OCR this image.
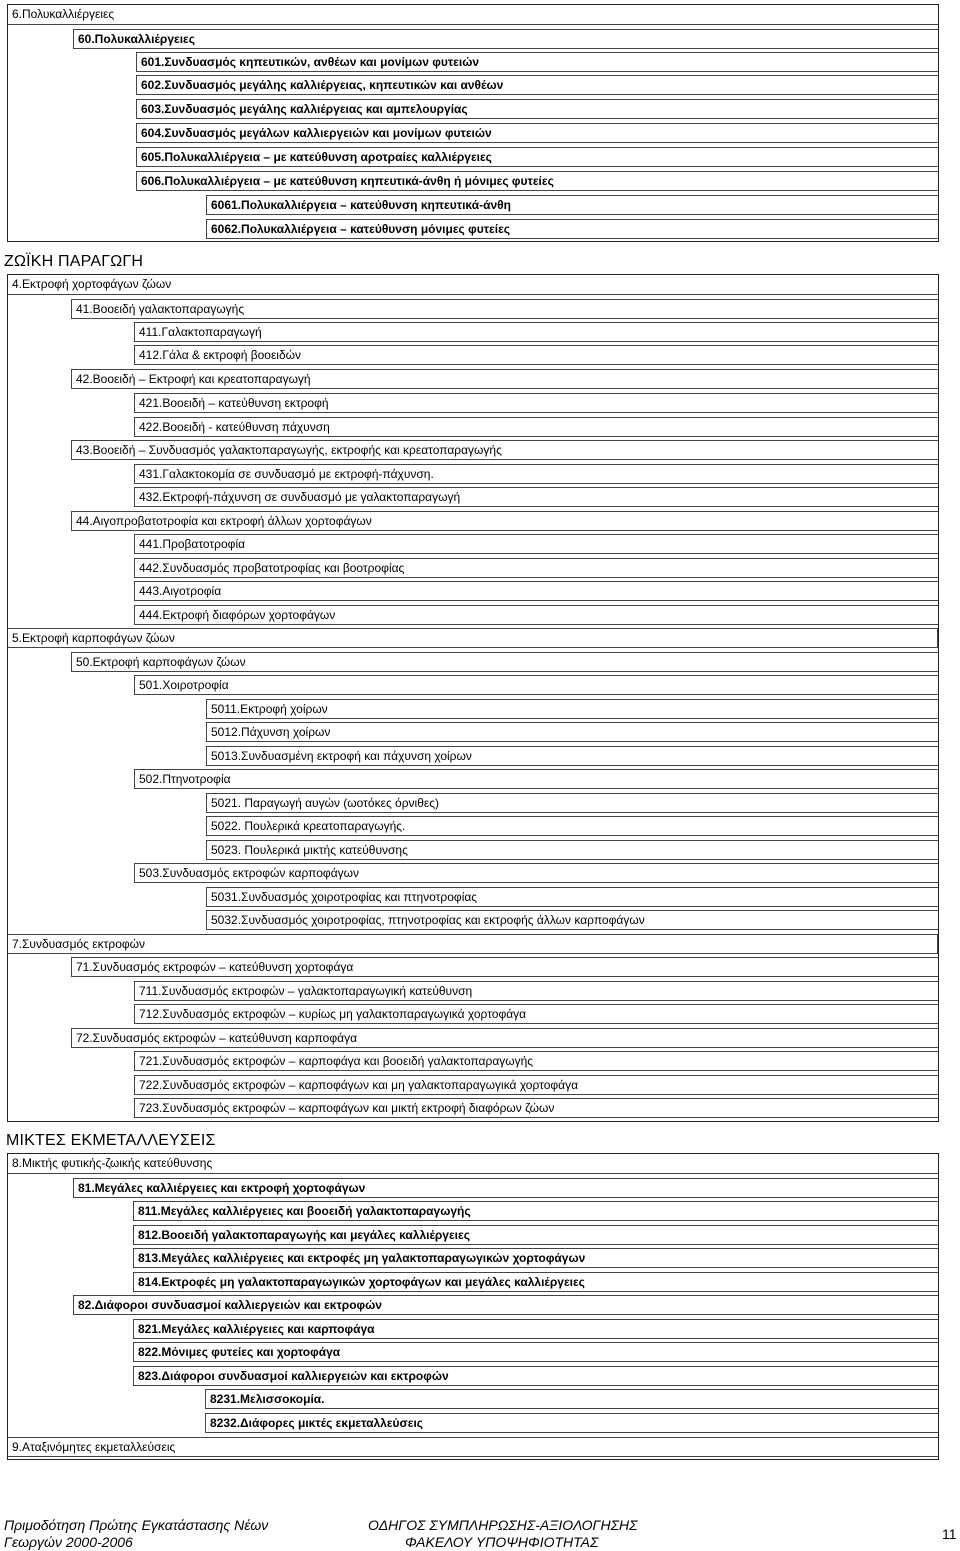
6.Πολυκαλλιέργειες
60.Πολυκαλλιέργειες
601.Συνδυασμός κηπευτικών, ανθέων και μονίμων φυτειών
602.Συνδυασμός μεγάλης καλλιέργειας, κηπευτικών και ανθέων
603.Συνδυασμός μεγάλης καλλιέργειας και αμπελουργίας
604.Συνδυασμός μεγάλων καλλιεργειών και μονίμων φυτειών
605.Πολυκαλλιέργεια – με κατεύθυνση αροτραίες καλλιέργειες
606.Πολυκαλλιέργεια – με κατεύθυνση κηπευτικά-άνθη ή μόνιμες φυτείες
6061.Πολυκαλλιέργεια – κατεύθυνση κηπευτικά-άνθη
6062.Πολυκαλλιέργεια – κατεύθυνση μόνιμες φυτείες
ΖΩΪΚΗ ΠΑΡΑΓΩΓΗ
4.Εκτροφή χορτοφάγων ζώων
41.Βοοειδή γαλακτοπαραγωγής
411.Γαλακτοπαραγωγή
412.Γάλα & εκτροφή βοοειδών
42.Βοοειδή – Εκτροφή και κρεατοπαραγωγή
421.Βοοειδή – κατεύθυνση εκτροφή
422.Βοοειδή - κατεύθυνση πάχυνση
43.Βοοειδή – Συνδυασμός γαλακτοπαραγωγής, εκτροφής και κρεατοπαραγωγής
431.Γαλακτοκομία σε συνδυασμό με εκτροφή-πάχυνση.
432.Εκτροφή-πάχυνση σε συνδυασμό με γαλακτοπαραγωγή
44.Αιγοπροβατοτροφία και εκτροφή άλλων χορτοφάγων
441.Προβατοτροφία
442.Συνδυασμός προβατοτροφίας και βοοτροφίας
443.Αιγοτροφία
444.Εκτροφή διαφόρων χορτοφάγων
5.Εκτροφή καρποφάγων ζώων
50.Εκτροφή καρποφάγων ζώων
501.Χοιροτροφία
5011.Εκτροφή χοίρων
5012.Πάχυνση χοίρων
5013.Συνδυασμένη εκτροφή και πάχυνση χοίρων
502.Πτηνοτροφία
5021. Παραγωγή αυγών (ωοτόκες όρνιθες)
5022. Πουλερικά κρεατοπαραγωγής.
5023. Πουλερικά μικτής κατεύθυνσης
503.Συνδυασμός εκτροφών καρποφάγων
5031.Συνδυασμός χοιροτροφίας και πτηνοτροφίας
5032.Συνδυασμός χοιροτροφίας, πτηνοτροφίας και εκτροφής άλλων καρποφάγων
7.Συνδυασμός εκτροφών
71.Συνδυασμός εκτροφών – κατεύθυνση χορτοφάγα
711.Συνδυασμός εκτροφών – γαλακτοπαραγωγική κατεύθυνση
712.Συνδυασμός εκτροφών – κυρίως μη γαλακτοπαραγωγικά χορτοφάγα
72.Συνδυασμός εκτροφών – κατεύθυνση καρποφάγα
721.Συνδυασμός εκτροφών – καρποφάγα και βοοειδή γαλακτοπαραγωγής
722.Συνδυασμός εκτροφών – καρποφάγων και μη γαλακτοπαραγωγικά χορτοφάγα
723.Συνδυασμός εκτροφών – καρποφάγων και μικτή εκτροφή διαφόρων ζώων
ΜΙΚΤΕΣ ΕΚΜΕΤΑΛΛΕΥΣΕΙΣ
8.Μικτής φυτικής-ζωικής κατεύθυνσης
81.Μεγάλες καλλιέργειες και εκτροφή χορτοφάγων
811.Μεγάλες καλλιέργειες και βοοειδή γαλακτοπαραγωγής
812.Βοοειδή γαλακτοπαραγωγής και μεγάλες καλλιέργειες
813.Μεγάλες καλλιέργειες και εκτροφές μη γαλακτοπαραγωγικών χορτοφάγων
814.Εκτροφές μη γαλακτοπαραγωγικών χορτοφάγων και μεγάλες καλλιέργειες
82.Διάφοροι συνδυασμοί καλλιεργειών και εκτροφών
821.Μεγάλες καλλιέργειες και καρποφάγα
822.Μόνιμες φυτείες και χορτοφάγα
823.Διάφοροι συνδυασμοί καλλιεργειών και εκτροφών
8231.Μελισσοκομία.
8232.Διάφορες μικτές εκμεταλλεύσεις
9.Αταξινόμητες εκμεταλλεύσεις
Πριμοδότηση Πρώτης Εγκατάστασης Νέων
Γεωργών 2000-2006
ΟΔΗΓΟΣ ΣΥΜΠΛΗΡΩΣΗΣ-ΑΞΙΟΛΟΓΗΣΗΣ
ΦΑΚΕΛΟΥ ΥΠΟΨΗΦΙΟΤΗΤΑΣ	11
